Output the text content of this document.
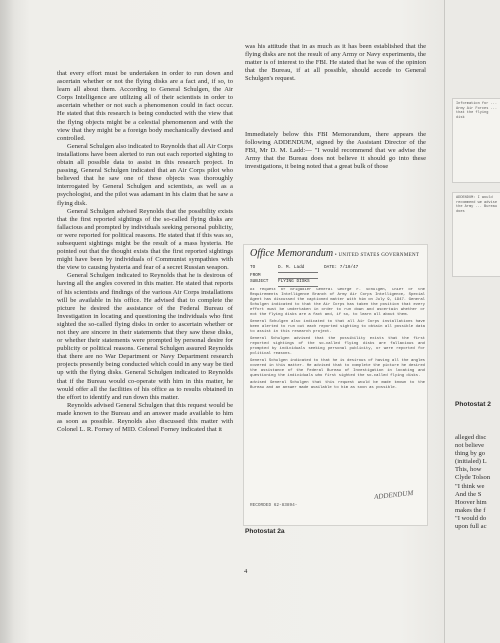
that every effort must be undertaken in order to run down and ascertain whether or not the flying disks are a fact and, if so, to learn all about them. According to General Schulgen, the Air Corps Intelligence are utilizing all of their scientists in order to ascertain whether or not such a phenomenon could in fact occur. He stated that this research is being conducted with the view that the flying objects might be a celestial phenomenon and with the view that they might be a foreign body mechanically devised and controlled.

General Schulgen also indicated to Reynolds that all Air Corps installations have been alerted to run out each reported sighting to obtain all possible data to assist in this research project. In passing, General Schulgen indicated that an Air Corps pilot who believed that he saw one of these objects was thoroughly interrogated by General Schulgen and scientists, as well as a psychologist, and the pilot was adamant in his claim that he saw a flying disk.

General Schulgen advised Reynolds that the possibility exists that the first reported sightings of the so-called flying disks are fallacious and prompted by individuals seeking personal publicity, or were reported for political reasons. He stated that if this was so, subsequent sightings might be the result of a mass hysteria. He pointed out that the thought exists that the first reported sightings might have been by individuals of Communist sympathies with the view to causing hysteria and fear of a secret Russian weapon.

General Schulgen indicated to Reynolds that he is desirous of having all the angles covered in this matter. He stated that reports of his scientists and findings of the various Air Corps installations will be available in his office. He advised that to complete the picture he desired the assistance of the Federal Bureau of Investigation in locating and questioning the individuals who first sighted the so-called flying disks in order to ascertain whether or not they are sincere in their statements that they saw these disks, or whether their statements were prompted by personal desire for publicity or political reasons. General Schulgen assured Reynolds that there are no War Department or Navy Department research projects presently being conducted which could in any way be tied up with the flying disks. General Schulgen indicated to Reynolds that if the Bureau would co-operate with him in this matter, he would offer all the facilities of his office as to results obtained in the effort to identify and run down this matter.

Reynolds advised General Schulgen that this request would be made known to the Bureau and an answer made available to him as soon as possible. Reynolds also discussed this matter with Colonel L. R. Forney of MID. Colonel Forney indicated that it

was his attitude that in as much as it has been established that the flying disks are not the result of any Army or Navy experiments, the matter is of interest to the FBI. He stated that he was of the opinion that the Bureau, if at all possible, should accede to General Schulgen's request.

Immediately below this FBI Memorandum, there appears the following ADDENDUM, signed by the Assistant Director of the FBI, Mr D. M. Ladd:— "I would recommend that we advise the Army that the Bureau does not believe it should go into these investigations, it being noted that a great bulk of those

Office Memorandum • UNITED STATES GOVERNMENT
TO	D. M. Ladd	DATE: 7/10/47
FROM
SUBJECT	FLYING DISKS

At request of Brigadier General George F. Schulgen, Chief of the Requirements Intelligence Branch of Army Air Corps Intelligence, Special Agent has discussed the captioned matter with him on July 9, 1947. General Schulgen indicated to that the Air Corps has taken the position that every effort must be undertaken in order to run down and ascertain whether or not the flying disks are a fact and, if so, to learn all about them.

General Schulgen also indicated to that all Air Corps installations have been alerted to run out each reported sighting to obtain all possible data to assist in this research project.

General Schulgen advised that the possibility exists that the first reported sightings of the so-called flying disks are fallacious and prompted by individuals seeking personal publicity, or were reported for political reasons.

General Schulgen indicated to that he is desirous of having all the angles covered in this matter. He advised that to complete the picture he desired the assistance of the Federal Bureau of Investigation in locating and questioning the individuals who first sighted the so-called flying disks.

advised General Schulgen that this request would be made known to the Bureau and an answer made available to him as soon as possible.

ADDENDUM
RECORDED 62-83894-
Photostat 2a
4
Information for ... Army Air Forces ... that the flying disk
ADDENDUM: I would recommend we advise the Army ... Bureau does
Photostat 2
alleged disc
not believe
thing by go
(initialed) L
This, how
Clyde Tolson
"I think we
And the S
Hoover him
makes the f
"I would do
upon full ac
